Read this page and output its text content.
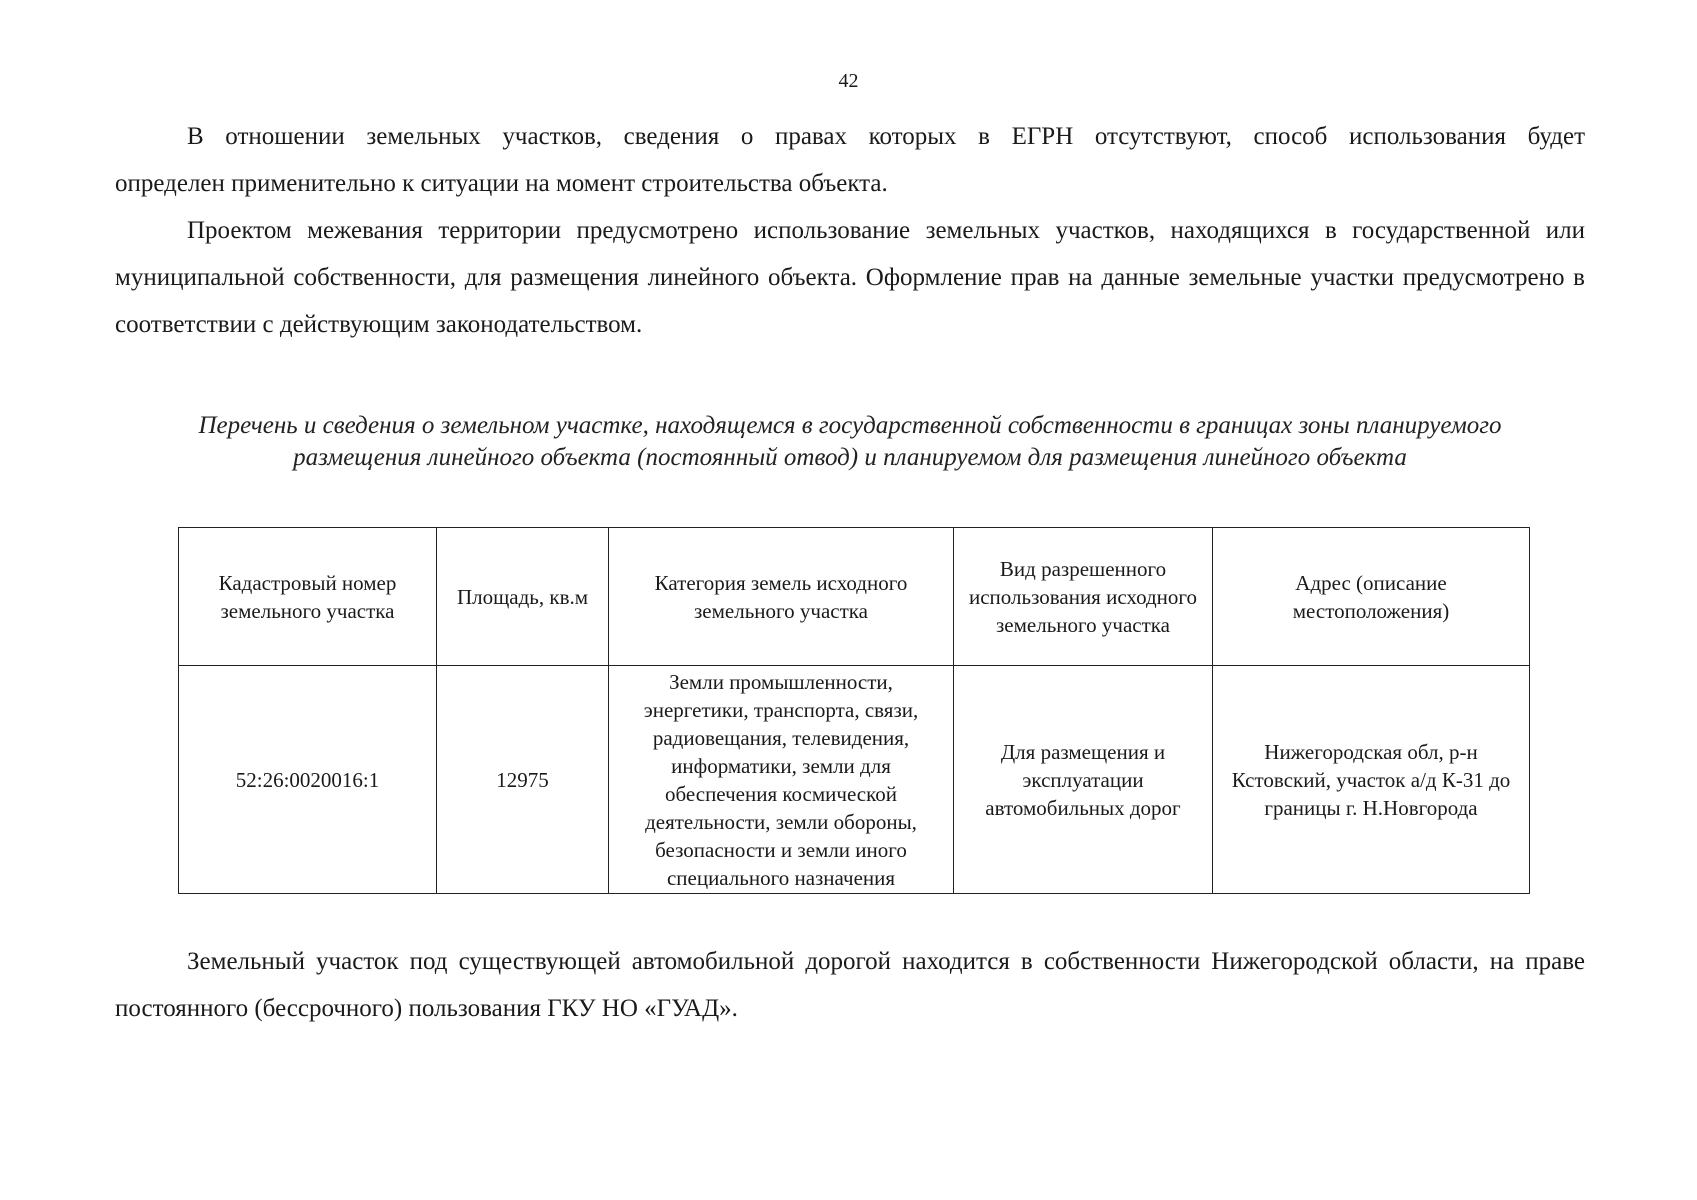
42

В отношении земельных участков, сведения о правах которых в ЕГРН отсутствуют, способ использования будет
определен применительно к ситуации на момент строительства объекта.

Проектом межевания территории предусмотрено использование земельных участков, находящихся в государственной или муниципальной собственности, для размещения линейного объекта. Оформление прав на данные земельные участки предусмотрено в соответствии с действующим законодательством.

Перечень и сведения о земельном участке, находящемся в государственной собственности в границах зоны планируемого размещения линейного объекта (постоянный отвод) и планируемом для размещения линейного объекта
Кадастровый номер земельного участка	Площадь, кв.м	Категория земель исходного земельного участка	Вид разрешенного использования исходного земельного участка	Адрес (описание местоположения)
52:26:0020016:1	12975	Земли промышленности, энергетики, транспорта, связи, радиовещания, телевидения, информатики, земли для обеспечения космической деятельности, земли обороны, безопасности и земли иного специального назначения	Для размещения и эксплуатации автомобильных дорог	Нижегородская обл, р-н Кстовский, участок а/д К-31 до границы г. Н.Новгорода

Земельный участок под существующей автомобильной дорогой находится в собственности Нижегородской области, на праве постоянного (бессрочного) пользования ГКУ НО «ГУАД».
